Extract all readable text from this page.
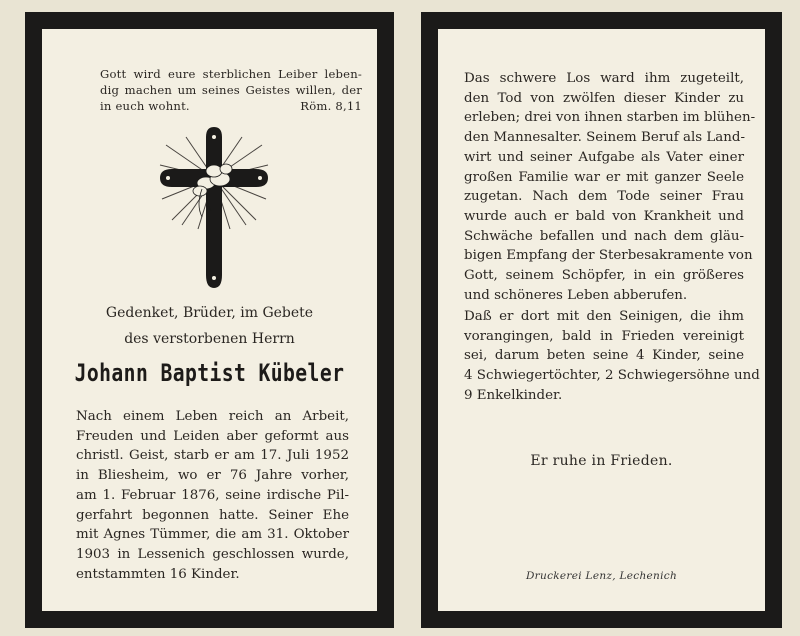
Gott wird eure sterblichen Leiber leben-
dig machen um seines Geistes willen, der
in euch wohnt.	Röm. 8,11
Gedenket, Brüder, im Gebete
des verstorbenen Herrn
Johann Baptist Kübeler
Nach einem Leben reich an Arbeit,
Freuden und Leiden aber geformt aus
christl. Geist, starb er am 17. Juli 1952
in Bliesheim, wo er 76 Jahre vorher,
am 1. Februar 1876, seine irdische Pil-
gerfahrt begonnen hatte. Seiner Ehe
mit Agnes Tümmer, die am 31. Oktober
1903 in Lessenich geschlossen wurde,
entstammten 16 Kinder.
Das schwere Los ward ihm zugeteilt,
den Tod von zwölfen dieser Kinder zu
erleben; drei von ihnen starben im blühen-
den Mannesalter. Seinem Beruf als Land-
wirt und seiner Aufgabe als Vater einer
großen Familie war er mit ganzer Seele
zugetan. Nach dem Tode seiner Frau
wurde auch er bald von Krankheit und
Schwäche befallen und nach dem gläu-
bigen Empfang der Sterbesakramente von
Gott, seinem Schöpfer, in ein größeres
und schöneres Leben abberufen.
Daß er dort mit den Seinigen, die ihm
vorangingen, bald in Frieden vereinigt
sei, darum beten seine 4 Kinder, seine
4 Schwiegertöchter, 2 Schwiegersöhne und
9 Enkelkinder.
Er ruhe in Frieden.
Druckerei Lenz, Lechenich
